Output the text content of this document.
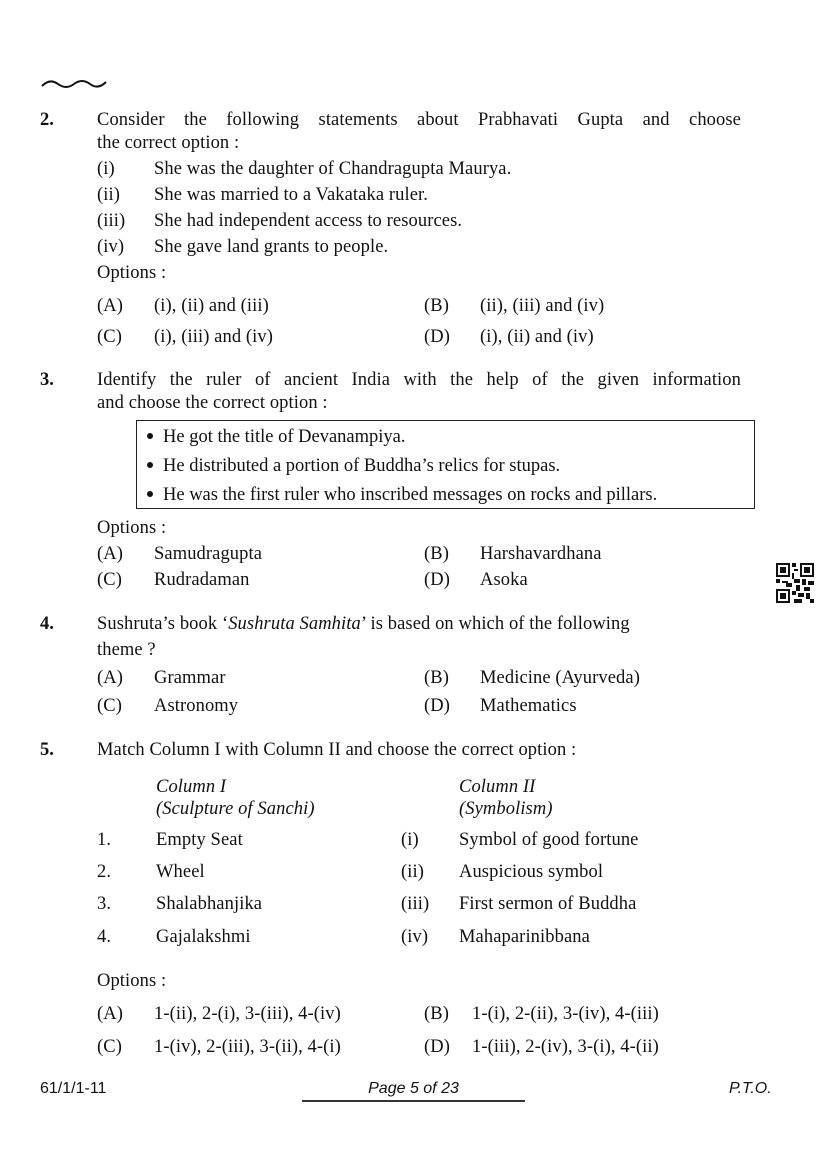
2. Consider the following statements about Prabhavati Gupta and choose
the correct option :
(i) She was the daughter of Chandragupta Maurya.
(ii) She was married to a Vakataka ruler.
(iii) She had independent access to resources.
(iv) She gave land grants to people.
Options :
(A) (i), (ii) and (iii)	(B) (ii), (iii) and (iv)
(C) (i), (iii) and (iv)	(D) (i), (ii) and (iv)
3. Identify the ruler of ancient India with the help of the given information
and choose the correct option :
He got the title of Devanampiya.
He distributed a portion of Buddha’s relics for stupas.
He was the first ruler who inscribed messages on rocks and pillars.
Options :
(A) Samudragupta	(B) Harshavardhana
(C) Rudradaman	(D) Asoka
4. Sushruta’s book ‘Sushruta Samhita’ is based on which of the following
theme ?
(A) Grammar	(B) Medicine (Ayurveda)
(C) Astronomy	(D) Mathematics
5. Match Column I with Column II and choose the correct option :
Column I
(Sculpture of Sanchi)
Column II
(Symbolism)
1. Empty Seat	(i) Symbol of good fortune
2. Wheel	(ii) Auspicious symbol
3. Shalabhanjika	(iii) First sermon of Buddha
4. Gajalakshmi	(iv) Mahaparinibbana
Options :
(A) 1-(ii), 2-(i), 3-(iii), 4-(iv)	(B) 1-(i), 2-(ii), 3-(iv), 4-(iii)
(C) 1-(iv), 2-(iii), 3-(ii), 4-(i)	(D) 1-(iii), 2-(iv), 3-(i), 4-(ii)
61/1/1-11	Page 5 of 23	P.T.O.
